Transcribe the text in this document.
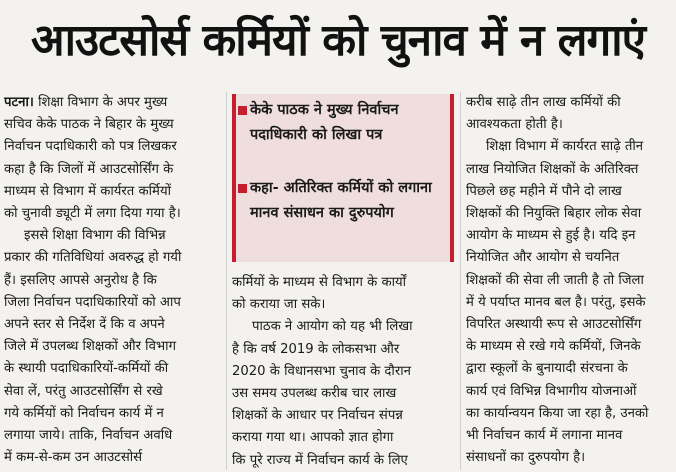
आउटसोर्स कर्मियों को चुनाव में न लगाएं
पटना। शिक्षा विभाग के अपर मुख्य
सचिव केके पाठक ने बिहार के मुख्य
निर्वाचन पदाधिकारी को पत्र लिखकर
कहा है कि जिलों में आउटसोर्सिंग के
माध्यम से विभाग में कार्यरत कर्मियों
को चुनावी ड्यूटी में लगा दिया गया है।
इससे शिक्षा विभाग की विभिन्न
प्रकार की गतिविधियां अवरुद्ध हो गयी
हैं। इसलिए आपसे अनुरोध है कि
जिला निर्वाचन पदाधिकारियों को आप
अपने स्तर से निर्देश दें कि व अपने
जिले में उपलब्ध शिक्षकों और विभाग
के स्थायी पदाधिकारियों-कर्मियों की
सेवा लें, परंतु आउटसोर्सिंग से रखे
गये कर्मियों को निर्वाचन कार्य में न
लगाया जाये। ताकि, निर्वाचन अवधि
में कम-से-कम उन आउटसोर्स
केके पाठक ने मुख्य निर्वाचन पदाधिकारी को लिखा पत्र
कहा- अतिरिक्त कर्मियों को लगाना मानव संसाधन का दुरुपयोग
कर्मियों के माध्यम से विभाग के कार्यों
को कराया जा सके।
पाठक ने आयोग को यह भी लिखा
है कि वर्ष 2019 के लोकसभा और
2020 के विधानसभा चुनाव के दौरान
उस समय उपलब्ध करीब चार लाख
शिक्षकों के आधार पर निर्वाचन संपन्न
कराया गया था। आपको ज्ञात होगा
कि पूरे राज्य में निर्वाचन कार्य के लिए
करीब साढ़े तीन लाख कर्मियों की
आवश्यकता होती है।
शिक्षा विभाग में कार्यरत साढ़े तीन
लाख नियोजित शिक्षकों के अतिरिक्त
पिछले छह महीने में पौने दो लाख
शिक्षकों की नियुक्ति बिहार लोक सेवा
आयोग के माध्यम से हुई है। यदि इन
नियोजित और आयोग से चयनित
शिक्षकों की सेवा ली जाती है तो जिला
में ये पर्याप्त मानव बल है। परंतु, इसके
विपरित अस्थायी रूप से आउटसोर्सिंग
के माध्यम से रखे गये कर्मियों, जिनके
द्वारा स्कूलों के बुनायादी संरचना के
कार्य एवं विभिन्न विभागीय योजनाओं
का कार्यान्वयन किया जा रहा है, उनको
भी निर्वाचन कार्य में लगाना मानव
संसाधनों का दुरुपयोग है।
